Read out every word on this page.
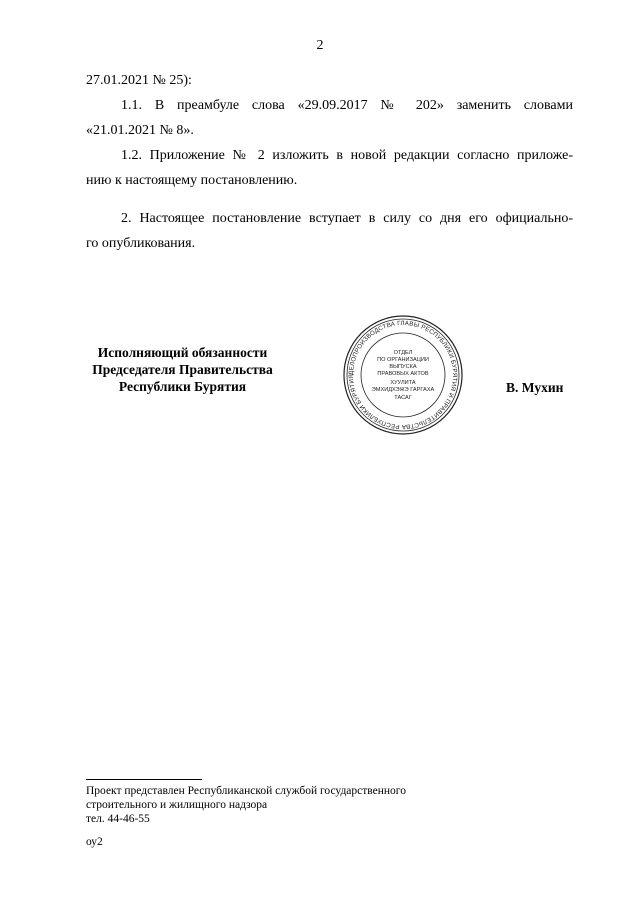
2
27.01.2021 № 25):
1.1. В преамбуле слова «29.09.2017 № 202» заменить словами
«21.01.2021 № 8».
1.2. Приложение № 2 изложить в новой редакции согласно приложе-
нию к настоящему постановлению.
2. Настоящее постановление вступает в силу со дня его официально-
го опубликования.
Исполняющий обязанности
Председателя Правительства
Республики Бурятия
ДЕЛОПРОИЗВОДСТВА ГЛАВЫ РЕСПУБЛИКИ БУРЯТИЯ И ПРАВИТЕЛЬСТВА РЕСПУБЛИКИ БУРЯТИЯ
ОТДЕЛ
ПО ОРГАНИЗАЦИИ
ВЫПУСКА
ПРАВОВЫХ АКТОВ
ХУУЛИТА
ЭМХИДХЭЖЭ ГАРГАХА
ТАСАГ
В. Мухин
Проект представлен Республиканской службой государственного
строительного и жилищного надзора
тел. 44-46-55
оу2
